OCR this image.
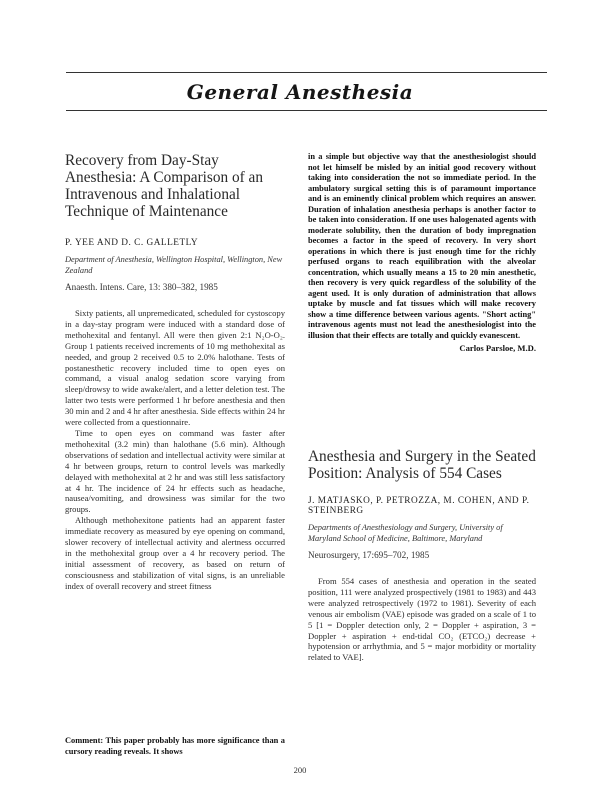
General Anesthesia
Recovery from Day-Stay Anesthesia: A Comparison of an Intravenous and Inhalational Technique of Maintenance

P. YEE AND D. C. GALLETLY

Department of Anesthesia, Wellington Hospital, Wellington, New Zealand

Anaesth. Intens. Care, 13: 380–382, 1985

Sixty patients, all unpremedicated, scheduled for cystoscopy in a day-stay program were induced with a standard dose of methohexital and fentanyl. All were then given 2:1 N₂O-O₂. Group 1 patients received increments of 10 mg methohexital as needed, and group 2 received 0.5 to 2.0% halothane. Tests of postanesthetic recovery included time to open eyes on command, a visual analog sedation score varying from sleep/drowsy to wide awake/alert, and a letter deletion test. The latter two tests were performed 1 hr before anesthesia and then 30 min and 2 and 4 hr after anesthesia. Side effects within 24 hr were collected from a questionnaire.

Time to open eyes on command was faster after methohexital (3.2 min) than halothane (5.6 min). Although observations of sedation and intellectual activity were similar at 4 hr between groups, return to control levels was markedly delayed with methohexital at 2 hr and was still less satisfactory at 4 hr. The incidence of 24 hr effects such as headache, nausea/vomiting, and drowsiness was similar for the two groups.

Although methohexitone patients had an apparent faster immediate recovery as measured by eye opening on command, slower recovery of intellectual activity and alertness occurred in the methohexital group over a 4 hr recovery period. The initial assessment of recovery, as based on return of consciousness and stabilization of vital signs, is an unreliable index of overall recovery and street fitness

Comment: This paper probably has more significance than a cursory reading reveals. It shows

in a simple but objective way that the anesthesiologist should not let himself be misled by an initial good recovery without taking into consideration the not so immediate period. In the ambulatory surgical setting this is of paramount importance and is an eminently clinical problem which requires an answer. Duration of inhalation anesthesia perhaps is another factor to be taken into consideration. If one uses halogenated agents with moderate solubility, then the duration of body impregnation becomes a factor in the speed of recovery. In very short operations in which there is just enough time for the richly perfused organs to reach equilibration with the alveolar concentration, which usually means a 15 to 20 min anesthetic, then recovery is very quick regardless of the solubility of the agent used. It is only duration of administration that allows uptake by muscle and fat tissues which will make recovery show a time difference between various agents. "Short acting" intravenous agents must not lead the anesthesiologist into the illusion that their effects are totally and quickly evanescent.

Carlos Parsloe, M.D.

Anesthesia and Surgery in the Seated Position: Analysis of 554 Cases

J. MATJASKO, P. PETROZZA, M. COHEN, AND P. STEINBERG

Departments of Anesthesiology and Surgery, University of Maryland School of Medicine, Baltimore, Maryland

Neurosurgery, 17:695–702, 1985

From 554 cases of anesthesia and operation in the seated position, 111 were analyzed prospectively (1981 to 1983) and 443 were analyzed retrospectively (1972 to 1981). Severity of each venous air embolism (VAE) episode was graded on a scale of 1 to 5 [1 = Doppler detection only, 2 = Doppler + aspiration, 3 = Doppler + aspiration + end-tidal CO₂ (ETCO₂) decrease + hypotension or arrhythmia, and 5 = major morbidity or mortality related to VAE].

200
